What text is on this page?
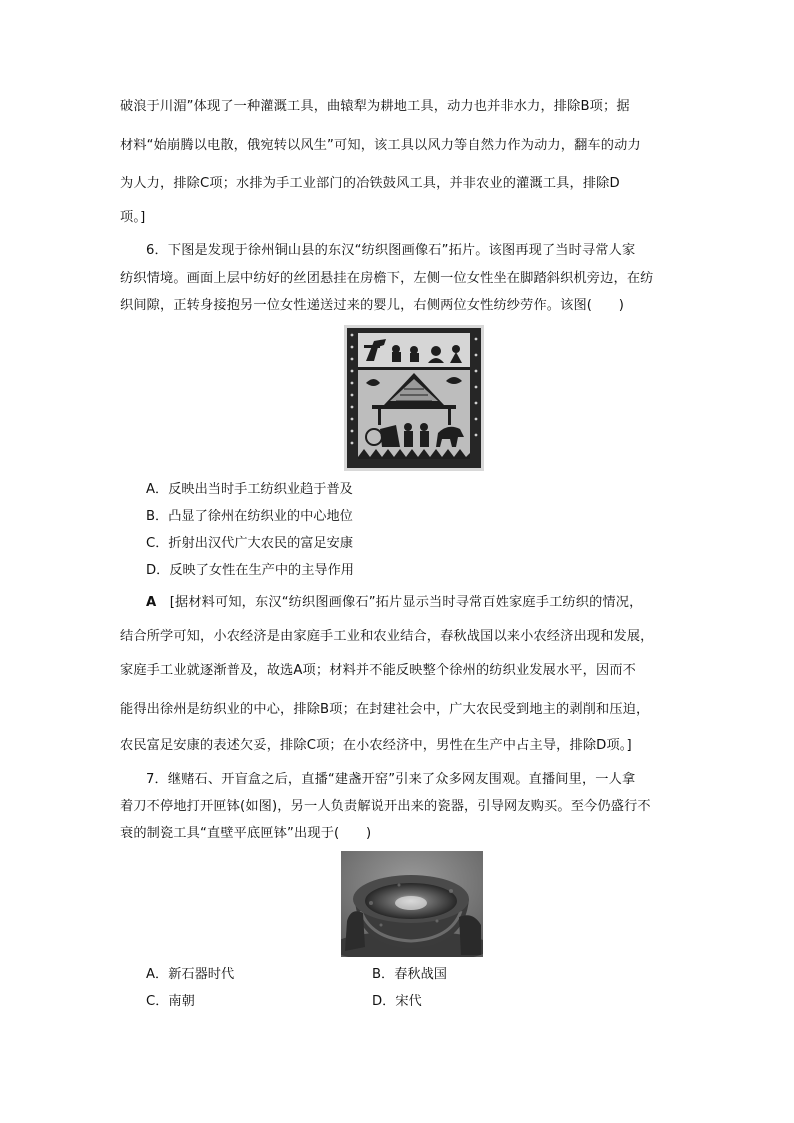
破浪于川湄”体现了一种灌溉工具，曲辕犁为耕地工具，动力也并非水力，排除B项；据
材料“始崩腾以电散，俄宛转以风生”可知，该工具以风力等自然力作为动力，翻车的动力
为人力，排除C项；水排为手工业部门的冶铁鼓风工具，并非农业的灌溉工具，排除D
项。]
6．下图是发现于徐州铜山县的东汉“纺织图画像石”拓片。该图再现了当时寻常人家
纺织情境。画面上层中纺好的丝团悬挂在房檐下，左侧一位女性坐在脚踏斜织机旁边，在纺
织间隙，正转身接抱另一位女性递送过来的婴儿，右侧两位女性纺纱劳作。该图(　　)
A．反映出当时手工纺织业趋于普及
B．凸显了徐州在纺织业的中心地位
C．折射出汉代广大农民的富足安康
D．反映了女性在生产中的主导作用
A　[据材料可知，东汉“纺织图画像石”拓片显示当时寻常百姓家庭手工纺织的情况，
结合所学可知，小农经济是由家庭手工业和农业结合，春秋战国以来小农经济出现和发展，
家庭手工业就逐渐普及，故选A项；材料并不能反映整个徐州的纺织业发展水平，因而不
能得出徐州是纺织业的中心，排除B项；在封建社会中，广大农民受到地主的剥削和压迫，
农民富足安康的表述欠妥，排除C项；在小农经济中，男性在生产中占主导，排除D项。]
7．继赌石、开盲盒之后，直播“建盏开窑”引来了众多网友围观。直播间里，一人拿
着刀不停地打开匣钵(如图)，另一人负责解说开出来的瓷器，引导网友购买。至今仍盛行不
衰的制瓷工具“直壁平底匣钵”出现于(　　)
A．新石器时代	B．春秋战国
C．南朝	D．宋代
